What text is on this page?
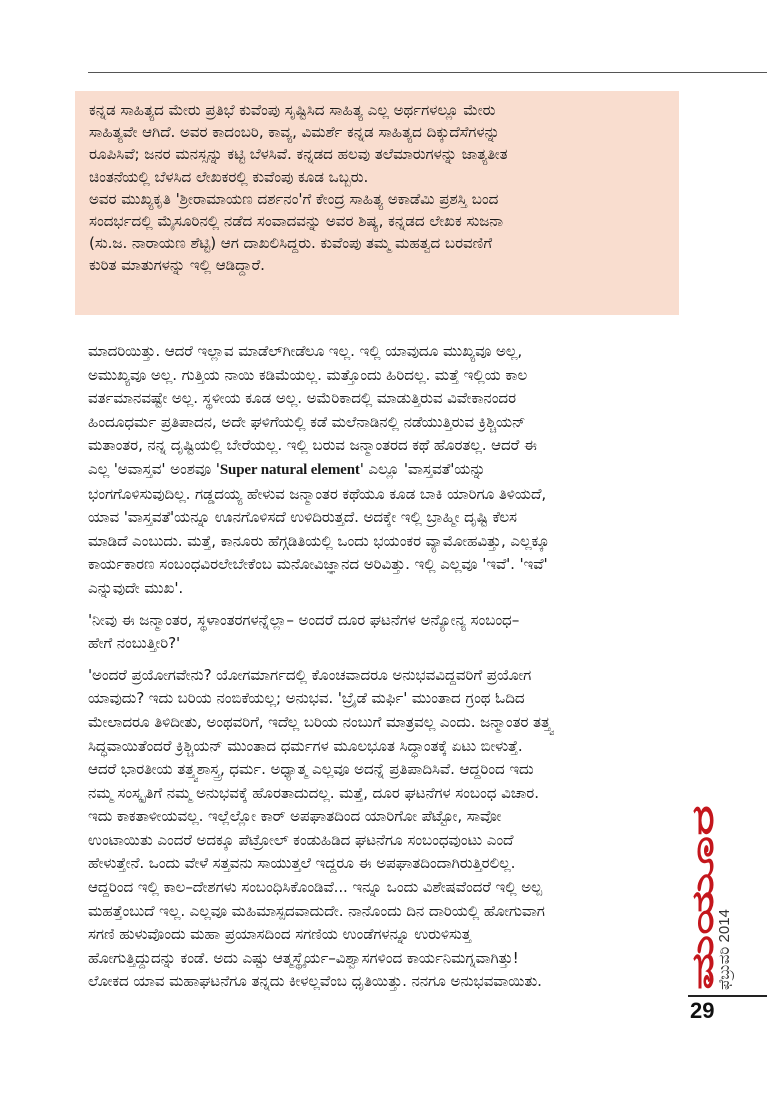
ಕನ್ನಡ ಸಾಹಿತ್ಯದ ಮೇರು ಪ್ರತಿಭೆ ಕುವೆಂಪು ಸೃಷ್ಟಿಸಿದ ಸಾಹಿತ್ಯ ಎಲ್ಲ ಅರ್ಥಗಳಲ್ಲೂ ಮೇರು
ಸಾಹಿತ್ಯವೇ ಆಗಿದೆ. ಅವರ ಕಾದಂಬರಿ, ಕಾವ್ಯ, ವಿಮರ್ಶೆ ಕನ್ನಡ ಸಾಹಿತ್ಯದ ದಿಕ್ಕುದೆಸೆಗಳನ್ನು
ರೂಪಿಸಿವೆ; ಜನರ ಮನಸ್ಸನ್ನು ಕಟ್ಟಿ ಬೆಳಸಿವೆ. ಕನ್ನಡದ ಹಲವು ತಲೆಮಾರುಗಳನ್ನು ಜಾತ್ಯತೀತ
ಚಿಂತನೆಯಲ್ಲಿ ಬೆಳಸಿದ ಲೇಖಕರಲ್ಲಿ ಕುವೆಂಪು ಕೂಡ ಒಬ್ಬರು.
ಅವರ ಮುಖ್ಯಕೃತಿ 'ಶ್ರೀರಾಮಾಯಣ ದರ್ಶನಂ'ಗೆ ಕೇಂದ್ರ ಸಾಹಿತ್ಯ ಅಕಾಡೆಮಿ ಪ್ರಶಸ್ತಿ ಬಂದ
ಸಂದರ್ಭದಲ್ಲಿ ಮೈಸೂರಿನಲ್ಲಿ ನಡೆದ ಸಂವಾದವನ್ನು ಅವರ ಶಿಷ್ಯ, ಕನ್ನಡದ ಲೇಖಕ ಸುಜನಾ
(ಸು.ಜ. ನಾರಾಯಣ ಶೆಟ್ಟಿ) ಆಗ ದಾಖಲಿಸಿದ್ದರು. ಕುವೆಂಪು ತಮ್ಮ ಮಹತ್ವದ ಬರವಣಿಗೆ
ಕುರಿತ ಮಾತುಗಳನ್ನು ಇಲ್ಲಿ ಆಡಿದ್ದಾರೆ.
ಮಾದರಿಯಿತ್ತು. ಆದರೆ ಇಲ್ಲಾವ ಮಾಡೆಲ್‌ಗೀಡೆಲೂ ಇಲ್ಲ. ಇಲ್ಲಿ ಯಾವುದೂ ಮುಖ್ಯವೂ ಅಲ್ಲ,
ಅಮುಖ್ಯವೂ ಅಲ್ಲ. ಗುತ್ತಿಯ ನಾಯಿ ಕಡಿಮೆಯಲ್ಲ. ಮತ್ತೊಂದು ಹಿರಿದಲ್ಲ. ಮತ್ತೆ ಇಲ್ಲಿಯ ಕಾಲ
ವರ್ತಮಾನವಷ್ಟೇ ಅಲ್ಲ. ಸ್ಥಳೀಯ ಕೂಡ ಅಲ್ಲ. ಅಮೆರಿಕಾದಲ್ಲಿ ಮಾಡುತ್ತಿರುವ ವಿವೇಕಾನಂದರ
ಹಿಂದೂಧರ್ಮ ಪ್ರತಿಪಾದನ, ಅದೇ ಘಳಿಗೆಯಲ್ಲಿ ಕಡೆ ಮಲೆನಾಡಿನಲ್ಲಿ ನಡೆಯುತ್ತಿರುವ ಕ್ರಿಶ್ಚಿಯನ್
ಮತಾಂತರ, ನನ್ನ ದೃಷ್ಟಿಯಲ್ಲಿ ಬೇರೆಯಲ್ಲ. ಇಲ್ಲಿ ಬರುವ ಜನ್ಮಾಂತರದ ಕಥೆ ಹೊರತಲ್ಲ. ಆದರೆ ಈ
ಎಲ್ಲ 'ಅವಾಸ್ತವ' ಅಂಶವೂ 'Super natural element' ಎಲ್ಲೂ 'ವಾಸ್ತವತೆ'ಯನ್ನು
ಭಂಗಗೊಳಿಸುವುದಿಲ್ಲ. ಗಡ್ಡದಯ್ಯ ಹೇಳುವ ಜನ್ಮಾಂತರ ಕಥೆಯೂ ಕೂಡ ಬಾಕಿ ಯಾರಿಗೂ ತಿಳಿಯದೆ,
ಯಾವ 'ವಾಸ್ತವತೆ'ಯನ್ನೂ ಊನಗೊಳಿಸದೆ ಉಳಿದಿರುತ್ತದೆ. ಅದಕ್ಕೇ ಇಲ್ಲಿ ಬ್ರಾಹ್ಮೀ ದೃಷ್ಟಿ ಕೆಲಸ
ಮಾಡಿದೆ ಎಂಬುದು. ಮತ್ತೆ, ಕಾನೂರು ಹೆಗ್ಗಡಿತಿಯಲ್ಲಿ ಒಂದು ಭಯಂಕರ ವ್ಯಾಮೋಹವಿತ್ತು, ಎಲ್ಲಕ್ಕೂ
ಕಾರ್ಯಕಾರಣ ಸಂಬಂಧವಿರಲೇಬೇಕೆಂಬ ಮನೋವಿಜ್ಞಾನದ ಅರಿವಿತ್ತು. ಇಲ್ಲಿ ಎಲ್ಲವೂ 'ಇವೆ'. 'ಇವೆ'
ಎನ್ನುವುದೇ ಮುಖ'.
'ನೀವು ಈ ಜನ್ಮಾಂತರ, ಸ್ಥಳಾಂತರಗಳನ್ನೆಲ್ಲಾ– ಅಂದರೆ ದೂರ ಘಟನೆಗಳ ಅನ್ಯೋನ್ಯ ಸಂಬಂಧ–
ಹೇಗೆ ನಂಬುತ್ತೀರಿ?'
'ಅಂದರೆ ಪ್ರಯೋಗವೇನು? ಯೋಗಮಾರ್ಗದಲ್ಲಿ ಕೊಂಚವಾದರೂ ಅನುಭವವಿದ್ದವರಿಗೆ ಪ್ರಯೋಗ
ಯಾವುದು? ಇದು ಬರಿಯ ನಂಬಿಕೆಯಲ್ಲ; ಅನುಭವ. 'ಬ್ರೈಡೆ ಮರ್ಫಿ' ಮುಂತಾದ ಗ್ರಂಥ ಓದಿದ
ಮೇಲಾದರೂ ತಿಳಿದೀತು, ಅಂಥವರಿಗೆ, ಇದೆಲ್ಲ ಬರಿಯ ನಂಬುಗೆ ಮಾತ್ರವಲ್ಲ ಎಂದು. ಜನ್ಮಾಂತರ ತತ್ತ್ವ
ಸಿದ್ಧವಾಯಿತೆಂದರೆ ಕ್ರಿಶ್ಚಿಯನ್ ಮುಂತಾದ ಧರ್ಮಗಳ ಮೂಲಭೂತ ಸಿದ್ಧಾಂತಕ್ಕೆ ಏಟು ಬೀಳುತ್ತೆ.
ಆದರೆ ಭಾರತೀಯ ತತ್ತ್ವಶಾಸ್ತ್ರ, ಧರ್ಮ. ಅಧ್ಯಾತ್ಮ ಎಲ್ಲವೂ ಅದನ್ನೆ ಪ್ರತಿಪಾದಿಸಿವೆ. ಆದ್ದರಿಂದ ಇದು
ನಮ್ಮ ಸಂಸ್ಕೃತಿಗೆ ನಮ್ಮ ಅನುಭವಕ್ಕೆ ಹೊರತಾದುದಲ್ಲ. ಮತ್ತೆ, ದೂರ ಘಟನೆಗಳ ಸಂಬಂಧ ವಿಚಾರ.
ಇದು ಕಾಕತಾಳೀಯವಲ್ಲ. ಇಲ್ಲೆಲ್ಲೋ ಕಾರ್ ಅಪಘಾತದಿಂದ ಯಾರಿಗೋ ಪೆಟ್ಟೋ, ಸಾವೋ
ಉಂಟಾಯಿತು ಎಂದರೆ ಅದಕ್ಕೂ ಪೆಟ್ರೋಲ್ ಕಂಡುಹಿಡಿದ ಘಟನೆಗೂ ಸಂಬಂಧವುಂಟು ಎಂದೆ
ಹೇಳುತ್ತೇನೆ. ಒಂದು ವೇಳೆ ಸತ್ತವನು ಸಾಯುತ್ತಲೆ ಇದ್ದರೂ ಈ ಅಪಘಾತದಿಂದಾಗಿರುತ್ತಿರಲಿಲ್ಲ.
ಆದ್ದರಿಂದ ಇಲ್ಲಿ ಕಾಲ–ದೇಶಗಳು ಸಂಬಂಧಿಸಿಕೊಂಡಿವೆ... ಇನ್ನೂ ಒಂದು ವಿಶೇಷವೆಂದರೆ ಇಲ್ಲಿ ಅಲ್ಪ
ಮಹತ್ತೆಂಬುದೆ ಇಲ್ಲ. ಎಲ್ಲವೂ ಮಹಿಮಾಸ್ಪದವಾದುದೇ. ನಾನೊಂದು ದಿನ ದಾರಿಯಲ್ಲಿ ಹೋಗುವಾಗ
ಸಗಣಿ ಹುಳುವೊಂದು ಮಹಾ ಪ್ರಯಾಸದಿಂದ ಸಗಣಿಯ ಉಂಡೆಗಳನ್ನೂ ಉರುಳಿಸುತ್ತ
ಹೋಗುತ್ತಿದ್ದುದನ್ನು ಕಂಡೆ. ಅದು ಎಷ್ಟು ಆತ್ಮಸ್ಥೈರ್ಯ–ವಿಶ್ವಾಸಗಳಿಂದ ಕಾರ್ಯನಿಮಗ್ನವಾಗಿತ್ತು!
ಲೋಕದ ಯಾವ ಮಹಾಘಟನೆಗೂ ತನ್ನದು ಕೀಳಲ್ಲವೆಂಬ ಧೃತಿಯಿತ್ತು. ನನಗೂ ಅನುಭವವಾಯಿತು.	ಮಯೂರ
ಫೆಬ್ರುವರಿ 2014
29
